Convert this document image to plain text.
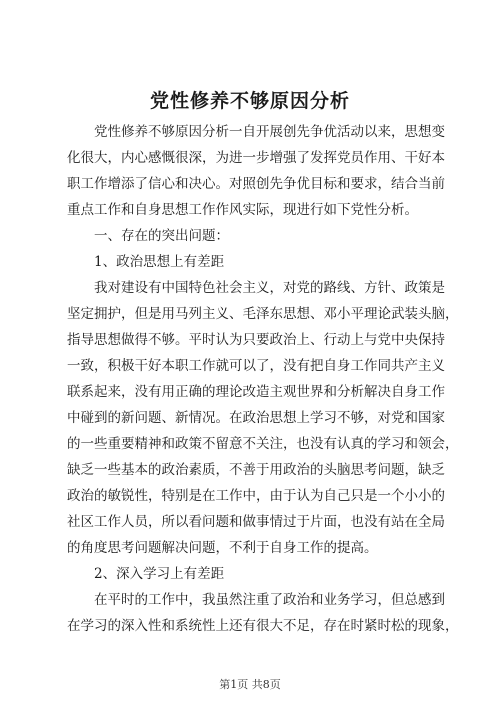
党性修养不够原因分析
党性修养不够原因分析一自开展创先争优活动以来，思想变
化很大，内心感慨很深，为进一步增强了发挥党员作用、干好本
职工作增添了信心和决心。对照创先争优目标和要求，结合当前
重点工作和自身思想工作作风实际，现进行如下党性分析。
一、存在的突出问题：
1、政治思想上有差距
我对建设有中国特色社会主义，对党的路线、方针、政策是
坚定拥护，但是用马列主义、毛泽东思想、邓小平理论武装头脑，
指导思想做得不够。平时认为只要政治上、行动上与党中央保持
一致，积极干好本职工作就可以了，没有把自身工作同共产主义
联系起来，没有用正确的理论改造主观世界和分析解决自身工作
中碰到的新问题、新情况。在政治思想上学习不够，对党和国家
的一些重要精神和政策不留意不关注，也没有认真的学习和领会，
缺乏一些基本的政治素质，不善于用政治的头脑思考问题，缺乏
政治的敏锐性，特别是在工作中，由于认为自己只是一个小小的
社区工作人员，所以看问题和做事情过于片面，也没有站在全局
的角度思考问题解决问题，不利于自身工作的提高。
2、深入学习上有差距
在平时的工作中，我虽然注重了政治和业务学习，但总感到
在学习的深入性和系统性上还有很大不足，存在时紧时松的现象，
第1页 共8页
